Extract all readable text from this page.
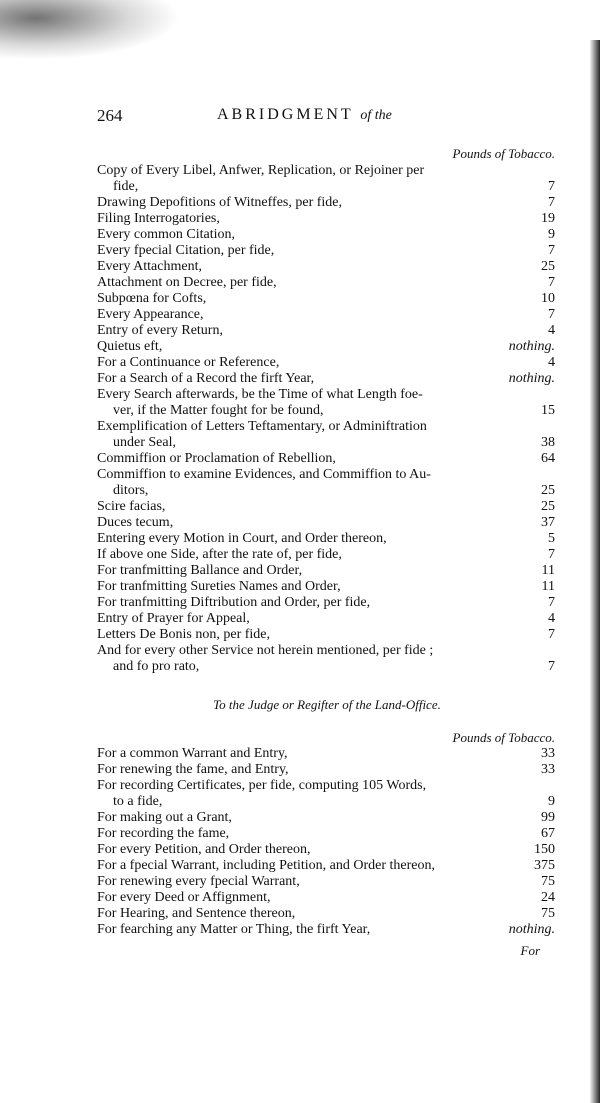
264	ABRIDGMENT of the
Pounds of Tobacco.
Copy of Every Libel, Anfwer, Replication, or Rejoiner per
fide,	7
Drawing Depofitions of Witneffes, per fide,	7
Filing Interrogatories,	19
Every common Citation,	9
Every fpecial Citation, per fide,	7
Every Attachment,	25
Attachment on Decree, per fide,	7
Subpœna for Cofts,	10
Every Appearance,	7
Entry of every Return,	4
Quietus eft,	nothing.
For a Continuance or Reference,	4
For a Search of a Record the firft Year,	nothing.
Every Search afterwards, be the Time of what Length foe-
ver, if the Matter fought for be found,	15
Exemplification of Letters Teftamentary, or Adminiftration
under Seal,	38
Commiffion or Proclamation of Rebellion,	64
Commiffion to examine Evidences, and Commiffion to Au-
ditors,	25
Scire facias,	25
Duces tecum,	37
Entering every Motion in Court, and Order thereon,	5
If above one Side, after the rate of, per fide,	7
For tranfmitting Ballance and Order,	11
For tranfmitting Sureties Names and Order,	11
For tranfmitting Diftribution and Order, per fide,	7
Entry of Prayer for Appeal,	4
Letters De Bonis non, per fide,	7
And for every other Service not herein mentioned, per fide ;
and fo pro rato,	7
To the Judge or Regifter of the Land-Office.
Pounds of Tobacco.
For a common Warrant and Entry,	33
For renewing the fame, and Entry,	33
For recording Certificates, per fide, computing 105 Words,
to a fide,	9
For making out a Grant,	99
For recording the fame,	67
For every Petition, and Order thereon,	150
For a fpecial Warrant, including Petition, and Order thereon,	375
For renewing every fpecial Warrant,	75
For every Deed or Affignment,	24
For Hearing, and Sentence thereon,	75
For fearching any Matter or Thing, the firft Year,	nothing.
For
